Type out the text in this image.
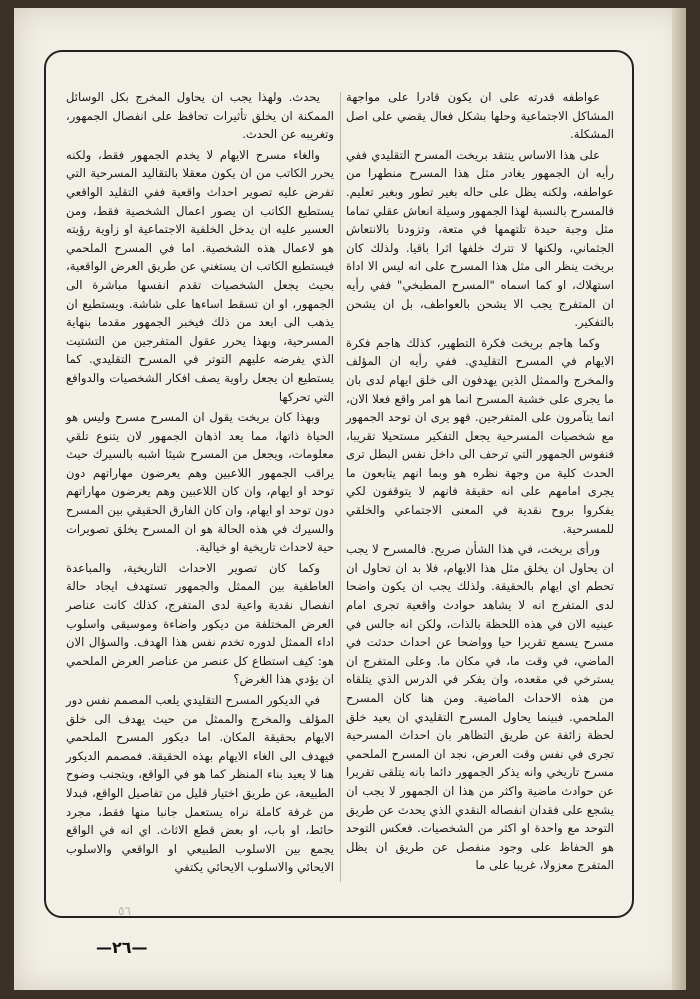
عواطفه قدرته على ان يكون قادرا على مواجهة المشاكل الاجتماعية وحلها بشكل فعال يقضي على اصل المشكلة.

على هذا الاساس ينتقد بريخت المسرح التقليدي ففي رأيه ان الجمهور يغادر مثل هذا المسرح منطهرا من عواطفه، ولكنه يظل على حاله بغير تطور وبغير تعليم. فالمسرح بالنسبة لهذا الجمهور وسيلة انعاش عقلي تماما مثل وجبة حيدة تلتهمها في متعة، وتزودنا بالانتعاش الجثماني، ولكنها لا تترك خلفها اثرا باقيا. ولذلك كان بريخت ينظر الى مثل هذا المسرح على انه ليس الا اداة استهلاك، او كما اسماه "المسرح المطبخي" ففي رأيه ان المتفرج يجب الا يشحن بالعواطف، بل ان يشحن بالتفكير.

وكما هاجم بريخت فكرة التطهير، كذلك هاجم فكرة الايهام في المسرح التقليدي. ففي رأيه ان المؤلف والمخرج والممثل الذين يهدفون الى خلق ايهام لدى بان ما يجرى على خشبة المسرح انما هو امر واقع فعلا الان، انما يتآمرون على المتفرجين. فهو يرى ان توحد الجمهور مع شخصيات المسرحية يجعل التفكير مستحيلا تقريبا، فنفوس الجمهور التي ترحف الى داخل نفس البطل ترى الحدث كلية من وجهة نظره هو وبما انهم يتابعون ما يجرى امامهم على انه حقيقة فانهم لا يتوقفون لكي يفكروا بروح نقدية في المعنى الاجتماعي والخلقي للمسرحية.

ورأى بريخت، في هذا الشأن صريح. فالمسرح لا يجب ان يحاول ان يخلق مثل هذا الايهام، فلا بد ان تحاول ان تحطم اي ايهام بالحقيقة. ولذلك يجب ان يكون واضحا لدى المتفرج انه لا يشاهد حوادث واقعية تجرى امام عينيه الان في هذه اللحظة بالذات، ولكن انه جالس في مسرح يسمع تقريرا حيا وواضحا عن احداث حدثت في الماضي، في وقت ما، في مكان ما. وعلى المتفرج ان يسترخي في مقعده، وان يفكر في الدرس الذي يتلقاه من هذه الاحداث الماضية. ومن هنا كان المسرح الملحمي. فبينما يحاول المسرح التقليدي ان يعيد خلق لحظة زائفة عن طريق التظاهر بان احداث المسرحية تجرى في نفس وقت العرض، نجد ان المسرح الملحمي مسرح تاريخي وانه يذكر الجمهور دائما بانه يتلقى تقريرا عن حوادث ماضية واكثر من هذا ان الجمهور لا يجب ان يشجع على فقدان انفصاله النقدي الذي يحدث عن طريق التوحد مع واحدة او اكثر من الشخصيات. فعكس التوحد هو الحفاظ على وجود منفصل عن طريق ان يظل المتفرج معزولا، غريبا على ما

يحدث. ولهذا يجب ان يحاول المخرج بكل الوسائل الممكنة ان يخلق تأثيرات تحافظ على انفصال الجمهور، وتغريبه عن الحدث.

والغاء مسرح الايهام لا يخدم الجمهور فقط، ولكنه يحرر الكاتب من ان يكون معقلا بالتقاليد المسرحية التي تفرض عليه تصوير احداث واقعية ففي التقليد الواقعي يستطيع الكاتب ان يصور اعمال الشخصية فقط، ومن العسير عليه ان يدخل الخلفية الاجتماعية او زاوية رؤيته هو لاعمال هذه الشخصية. اما في المسرح الملحمي فيستطيع الكاتب ان يستغني عن طريق العرض الواقعية، بحيث يجعل الشخصيات تقدم انفسها مباشرة الى الجمهور، او ان تسقط اساءها على شاشة. ويستطيع ان يذهب الى ابعد من ذلك فيخبر الجمهور مقدما بنهاية المسرحية، وبهذا يحرر عقول المتفرجين من التشتيت الذي يفرضه عليهم التوتر في المسرح التقليدي. كما يستطيع ان يجعل راوية يصف افكار الشخصيات والدوافع التي تحركها

وبهذا كان بريخت يقول ان المسرح مسرح وليس هو الحياة ذاتها، مما يعد اذهان الجمهور لان يتنوع تلقي معلومات، ويجعل من المسرح شيئا اشبه بالسيرك حيث يراقب الجمهور اللاعبين وهم يعرضون مهاراتهم دون توحد او ايهام، وان كان اللاعبين وهم يعرضون مهاراتهم دون توحد او ايهام، وان كان الفارق الحقيقي بين المسرح والسيرك في هذه الحالة هو ان المسرح يخلق تصويرات حية لاحداث تاريخية او خيالية.

وكما كان تصوير الاحداث التاريخية، والمباعدة العاطفية بين الممثل والجمهور تستهدف ايجاد حالة انفصال نقدية واعية لدى المتفرج، كذلك كانت عناصر العرض المختلفة من ديكور واضاءة وموسيقى واسلوب اداء الممثل لدوره تخدم نفس هذا الهدف. والسؤال الان هو: كيف استطاع كل عنصر من عناصر العرض الملحمي ان يؤدي هذا الغرض؟

في الديكور المسرح التقليدي يلعب المصمم نفس دور المؤلف والمخرج والممثل من حيث يهدف الى خلق الايهام بحقيقة المكان. اما ديكور المسرح الملحمي فيهدف الى الغاء الايهام بهذه الحقيقة. فمصمم الديكور هنا لا يعيد بناء المنظر كما هو في الواقع، ويتجنب وضوح الطبيعة، عن طريق اختيار قليل من تفاصيل الواقع، فبدلا من غرفة كاملة نراه يستعمل جانبا منها فقط، مجرد حائط، او باب، او بعض قطع الاثاث. اي انه في الواقع يجمع بين الاسلوب الطبيعي او الواقعي والاسلوب الايحائي والاسلوب الايحائي يكتفي

٥٦
—٢٦—
